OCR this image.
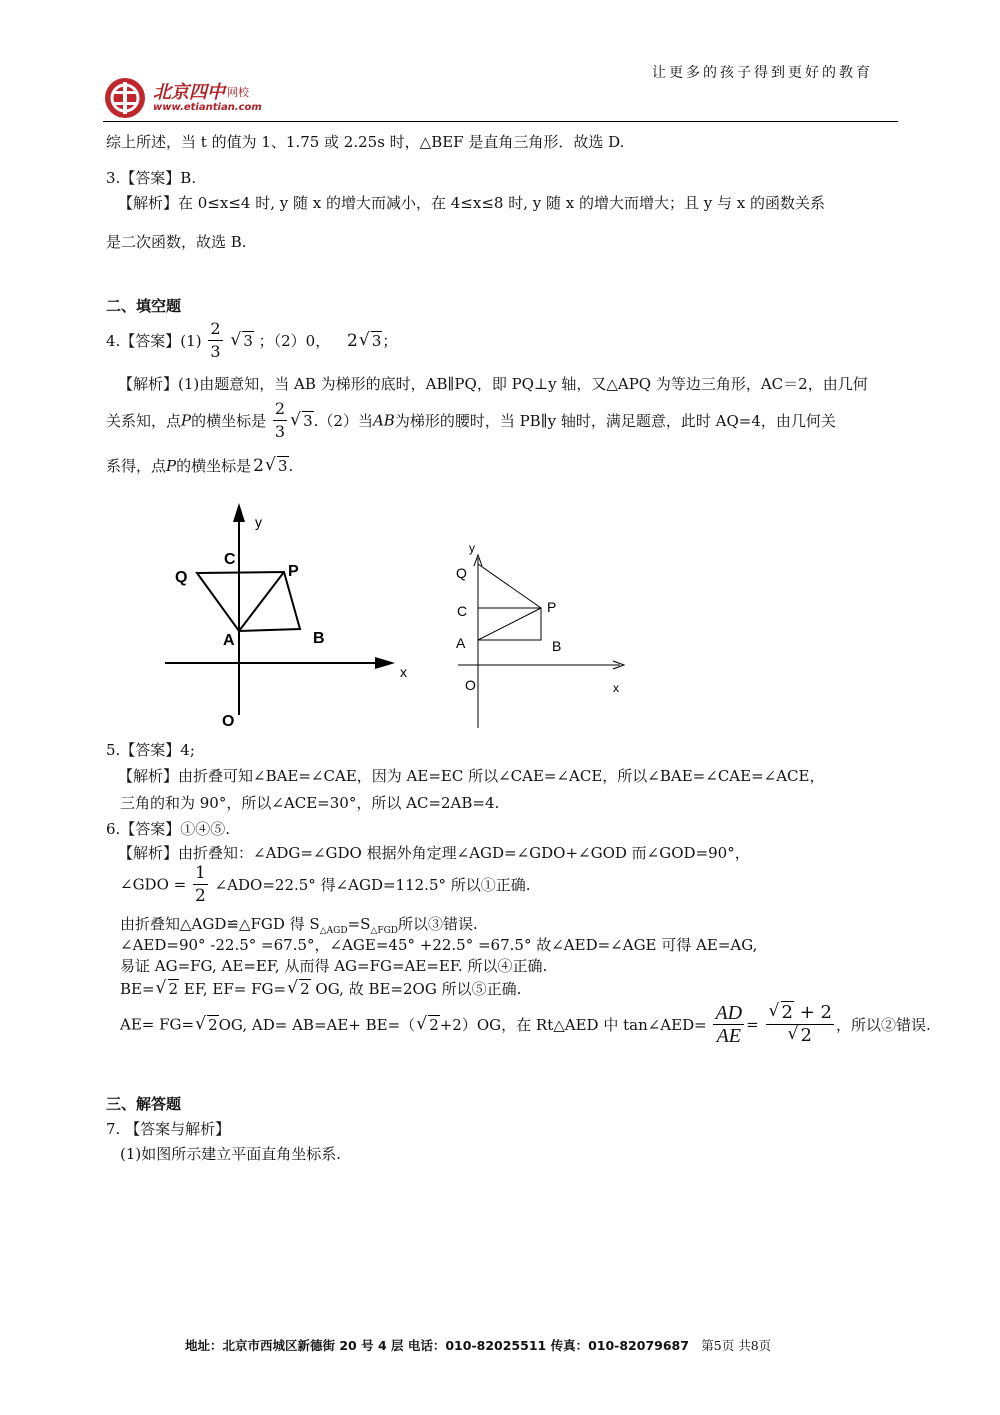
让更多的孩子得到更好的教育
北京四中 网校
www.etiantian.com
综上所述，当 t 的值为 1、1.75 或 2.25s 时，△BEF 是直角三角形．故选 D.
3.【答案】B.
【解析】在 0≤x≤4 时, y 随 x 的增大而减小，在 4≤x≤8 时, y 随 x 的增大而增大；且 y 与 x 的函数关系
是二次函数，故选 B.
二、填空题
4.【答案】$(1) \frac{2}{3}$ √ 3 ；（2）0， 2 √ 3；
【解析】(1)由题意知，当 AB 为梯形的底时，AB∥PQ，即 PQ⊥y 轴，又△APQ 为等边三角形，AC＝2，由几何
关系知，点P的横坐标是 $\frac{2}{3}$ √ 3.（2）当AB为梯形的腰时，当 PB∥y 轴时，满足题意，此时 AQ=4，由几何关
系得，点P的横坐标是 2 √ 3.
y
x
C
Q	P
A	B
O
y
x
Q
C	P
A	B
O
5.【答案】4;
【解析】由折叠可知∠BAE=∠CAE，因为 AE=EC 所以∠CAE=∠ACE，所以∠BAE=∠CAE=∠ACE，
三角的和为 90°，所以∠ACE=30°，所以 AC=2AB=4.
6.【答案】①④⑤.
【解析】由折叠知：∠ADG=∠GDO 根据外角定理∠AGD=∠GDO+∠GOD 而∠GOD=90°，
∠GDO = $\frac{1}{2}$ ∠ADO=22.5° 得∠AGD=112.5° 所以①正确.
由折叠知△AGD≌△FGD 得 $S_{\triangle AGD}=S_{\triangle FGD}$所以③错误.
∠AED=90° -22.5° =67.5°，∠AGE=45° +22.5° =67.5° 故∠AED=∠AGE 可得 AE=AG,
易证 AG=FG, AE=EF, 从而得 AG=FG=AE=EF. 所以④正确.
BE= √ 2 EF, EF= FG= √ 2 OG, 故 BE=2OG 所以⑤正确.
AE= FG= √ 2OG, AD= AB=AE+ BE=（ √ 2+2）OG，在 Rt△AED 中 tan∠AED= $\frac{AD}{AE}$ = √ 2 + 2
√ 2 ，所以②错误.
三、解答题
7. 【答案与解析】
(1)如图所示建立平面直角坐标系.
地址：北京市西城区新德街 20 号 4 层 电话：010-82025511 传真：010-82079687 第5页 共8页
